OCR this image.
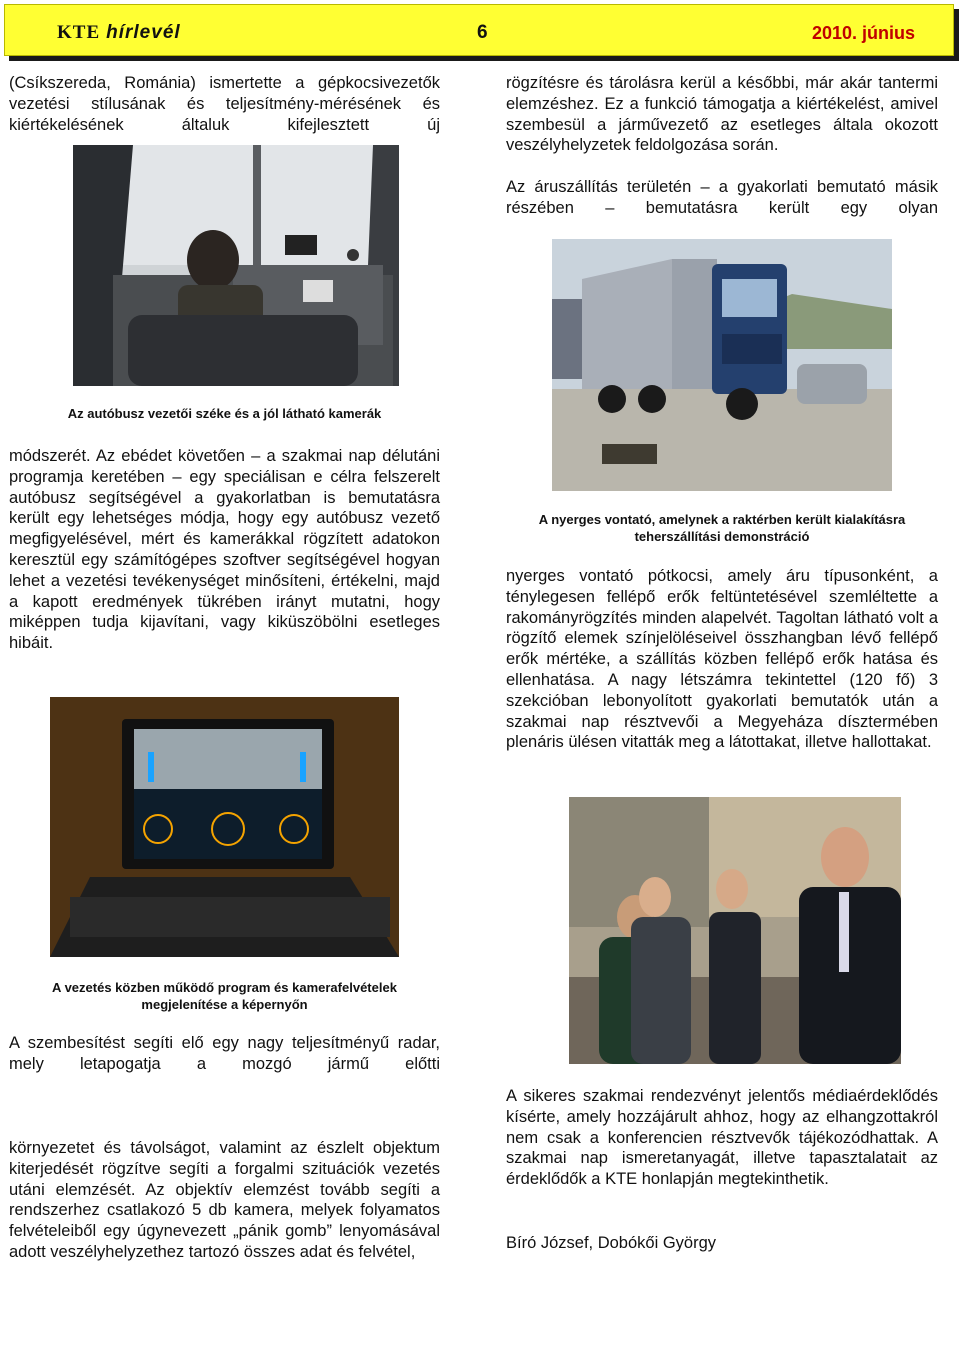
KTE hírlevél	6	2010. június

(Csíkszereda, Románia) ismertette a gépkocsivezetők vezetési stílusának és teljesítmény-mérésének és kiértékelésének általuk kifejlesztett új

Az autóbusz vezetői széke és a jól látható kamerák

módszerét. Az ebédet követően – a szakmai nap délutáni programja keretében – egy speciálisan e célra felszerelt autóbusz segítségével a gyakorlatban is bemutatásra került egy lehetséges módja, hogy egy autóbusz vezető megfigyelésével, mért és kamerákkal rögzített adatokon keresztül egy számítógépes szoftver segítségével hogyan lehet a vezetési tevékenységet minősíteni, értékelni, majd a kapott eredmények tükrében irányt mutatni, hogy miképpen tudja kijavítani, vagy kiküszöbölni esetleges hibáit.

A vezetés közben működő program és kamerafelvételek megjelenítése a képernyőn

A szembesítést segíti elő egy nagy teljesítményű radar, mely letapogatja a mozgó jármű előtti

környezetet és távolságot, valamint az észlelt objektum kiterjedését rögzítve segíti a forgalmi szituációk vezetés utáni elemzését. Az objektív elemzést tovább segíti a rendszerhez csatlakozó 5 db kamera, melyek folyamatos felvételeiből egy úgynevezett „pánik gomb” lenyomásával adott veszélyhelyzethez tartozó összes adat és felvétel,

rögzítésre és tárolásra kerül a későbbi, már akár tantermi elemzéshez. Ez a funkció támogatja a kiértékelést, amivel szembesül a járművezető az esetleges általa okozott veszélyhelyzetek feldolgozása során.

Az áruszállítás területén – a gyakorlati bemutató másik részében – bemutatásra került egy olyan

A nyerges vontató, amelynek a raktérben került kialakításra teherszállítási demonstráció

nyerges vontató pótkocsi, amely áru típusonként, a ténylegesen fellépő erők feltüntetésével szemléltette a rakományrögzítés minden alapelvét. Tagoltan látható volt a rögzítő elemek színjelöléseivel összhangban lévő fellépő erők mértéke, a szállítás közben fellépő erők hatása és ellenhatása. A nagy létszámra tekintettel (120 fő) 3 szekcióban lebonyolított gyakorlati bemutatók után a szakmai nap résztvevői a Megyeháza dísztermében plenáris ülésen vitatták meg a látottakat, illetve hallottakat.

A sikeres szakmai rendezvényt jelentős médiaérdeklődés kísérte, amely hozzájárult ahhoz, hogy az elhangzottakról nem csak a konferencien résztvevők tájékozódhattak. A szakmai nap ismeretanyagát, illetve tapasztalatait az érdeklődők a KTE honlapján megtekinthetik.

Bíró József, Dobókői György
